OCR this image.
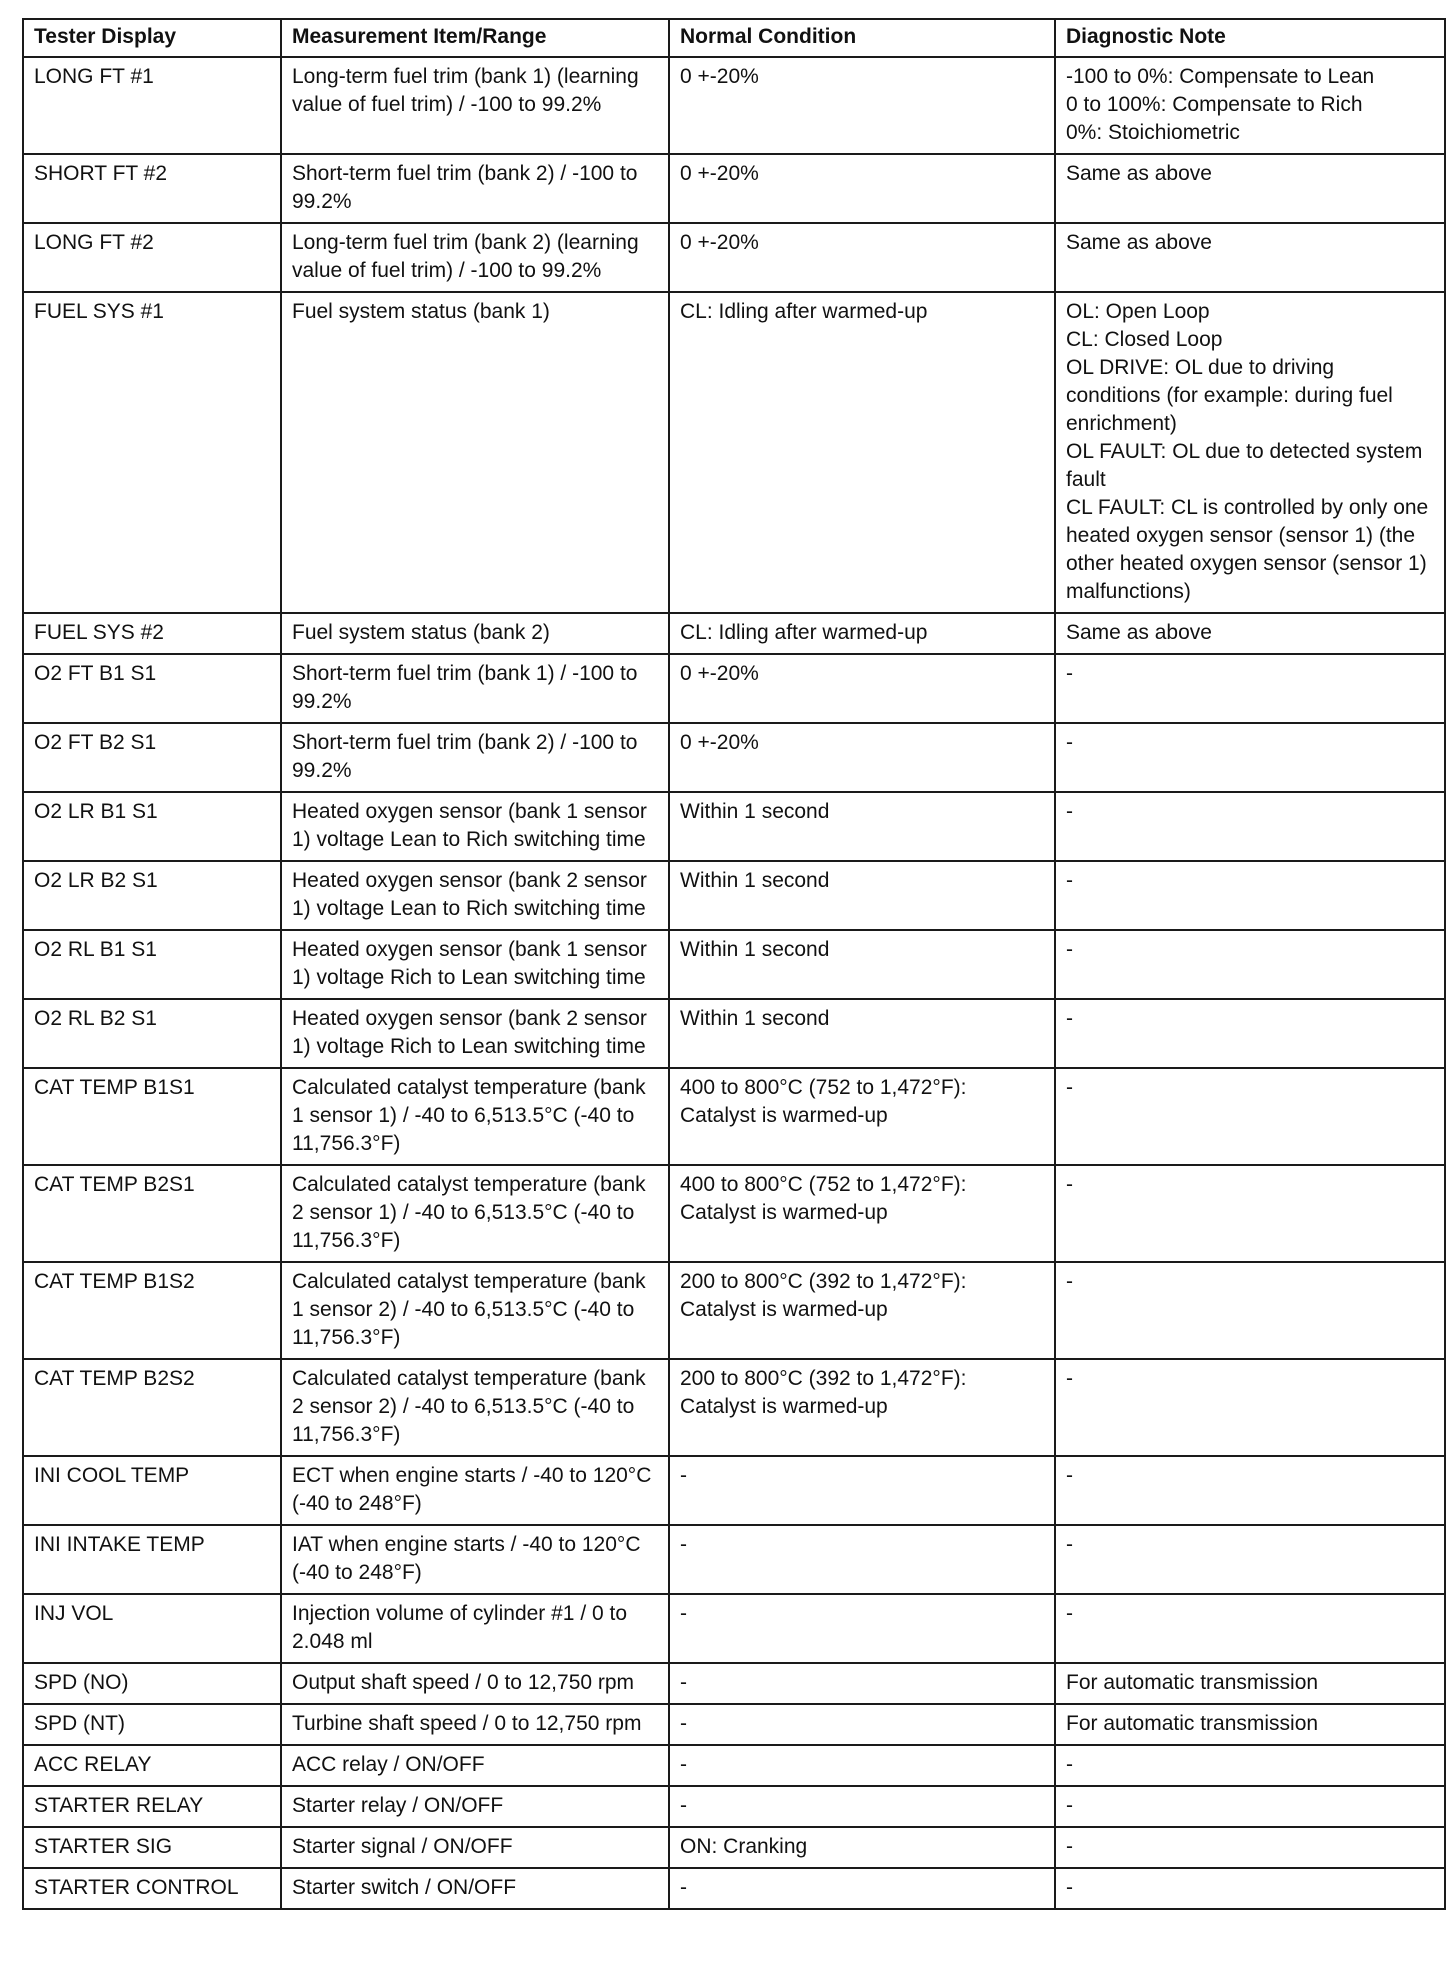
Tester Display	Measurement Item/Range	Normal Condition	Diagnostic Note
LONG FT #1	Long-term fuel trim (bank 1) (learning value of fuel trim) / -100 to 99.2%	0 +-20%	-100 to 0%: Compensate to Lean
0 to 100%: Compensate to Rich
0%: Stoichiometric
SHORT FT #2	Short-term fuel trim (bank 2) / -100 to 99.2%	0 +-20%	Same as above
LONG FT #2	Long-term fuel trim (bank 2) (learning value of fuel trim) / -100 to 99.2%	0 +-20%	Same as above
FUEL SYS #1	Fuel system status (bank 1)	CL: Idling after warmed-up	OL: Open Loop
CL: Closed Loop
OL DRIVE: OL due to driving conditions (for example: during fuel enrichment)
OL FAULT: OL due to detected system fault
CL FAULT: CL is controlled by only one heated oxygen sensor (sensor 1) (the other heated oxygen sensor (sensor 1) malfunctions)
FUEL SYS #2	Fuel system status (bank 2)	CL: Idling after warmed-up	Same as above
O2 FT B1 S1	Short-term fuel trim (bank 1) / -100 to 99.2%	0 +-20%	-
O2 FT B2 S1	Short-term fuel trim (bank 2) / -100 to 99.2%	0 +-20%	-
O2 LR B1 S1	Heated oxygen sensor (bank 1 sensor 1) voltage Lean to Rich switching time	Within 1 second	-
O2 LR B2 S1	Heated oxygen sensor (bank 2 sensor 1) voltage Lean to Rich switching time	Within 1 second	-
O2 RL B1 S1	Heated oxygen sensor (bank 1 sensor 1) voltage Rich to Lean switching time	Within 1 second	-
O2 RL B2 S1	Heated oxygen sensor (bank 2 sensor 1) voltage Rich to Lean switching time	Within 1 second	-
CAT TEMP B1S1	Calculated catalyst temperature (bank 1 sensor 1) / -40 to 6,513.5°C (-40 to 11,756.3°F)	400 to 800°C (752 to 1,472°F): Catalyst is warmed-up	-
CAT TEMP B2S1	Calculated catalyst temperature (bank 2 sensor 1) / -40 to 6,513.5°C (-40 to 11,756.3°F)	400 to 800°C (752 to 1,472°F): Catalyst is warmed-up	-
CAT TEMP B1S2	Calculated catalyst temperature (bank 1 sensor 2) / -40 to 6,513.5°C (-40 to 11,756.3°F)	200 to 800°C (392 to 1,472°F): Catalyst is warmed-up	-
CAT TEMP B2S2	Calculated catalyst temperature (bank 2 sensor 2) / -40 to 6,513.5°C (-40 to 11,756.3°F)	200 to 800°C (392 to 1,472°F): Catalyst is warmed-up	-
INI COOL TEMP	ECT when engine starts / -40 to 120°C (-40 to 248°F)	-	-
INI INTAKE TEMP	IAT when engine starts / -40 to 120°C (-40 to 248°F)	-	-
INJ VOL	Injection volume of cylinder #1 / 0 to 2.048 ml	-	-
SPD (NO)	Output shaft speed / 0 to 12,750 rpm	-	For automatic transmission
SPD (NT)	Turbine shaft speed / 0 to 12,750 rpm	-	For automatic transmission
ACC RELAY	ACC relay / ON/OFF	-	-
STARTER RELAY	Starter relay / ON/OFF	-	-
STARTER SIG	Starter signal / ON/OFF	ON: Cranking	-
STARTER CONTROL	Starter switch / ON/OFF	-	-
